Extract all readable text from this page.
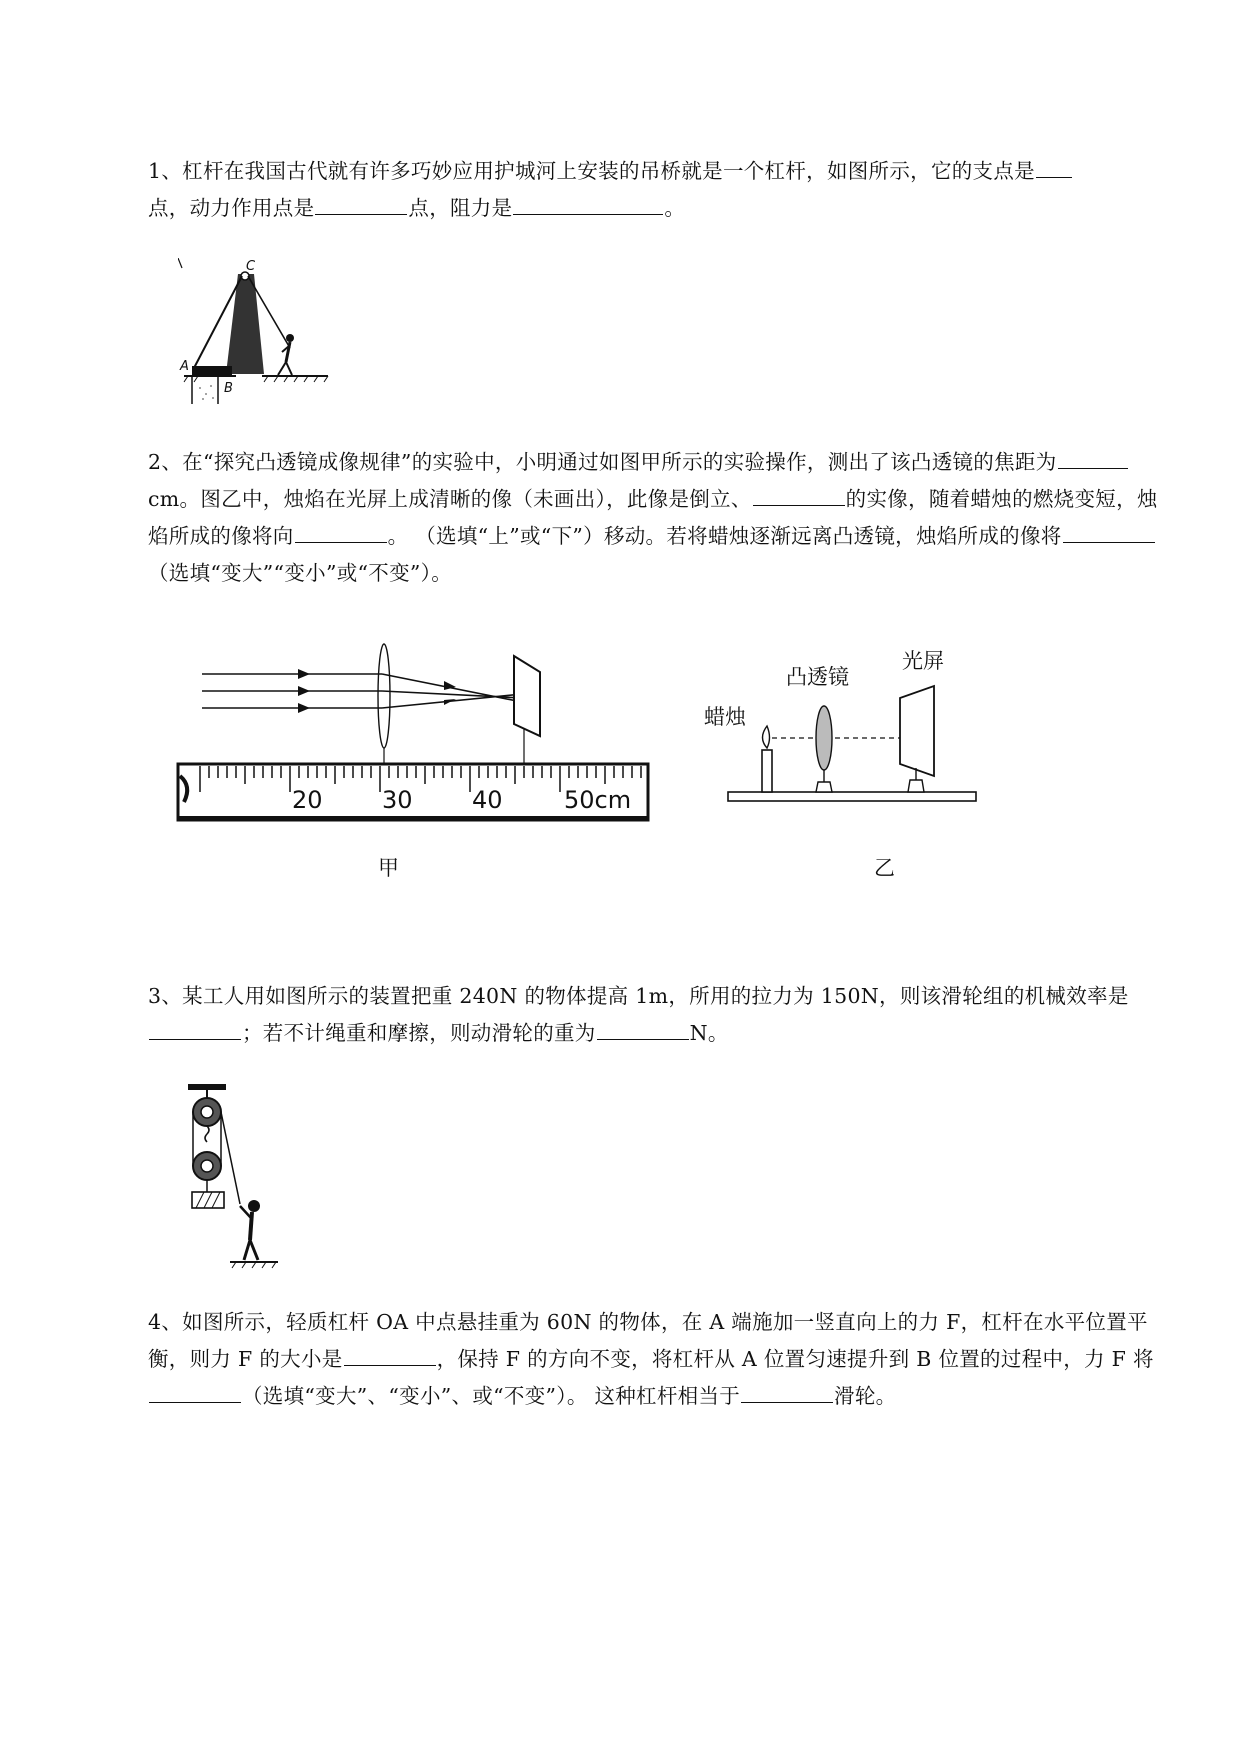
1、杠杆在我国古代就有许多巧妙应用护城河上安装的吊桥就是一个杠杆，如图所示，它的支点是
点，动力作用点是	点，阻力是	。
C
A
B
2、在“探究凸透镜成像规律”的实验中，小明通过如图甲所示的实验操作，测出了该凸透镜的焦距为cm。图乙中，烛焰在光屏上成清晰的像（未画出），此像是倒立、	的实像，随着蜡烛的燃烧变短，烛焰所成的像将向	。 （选填“上”或“下”）移动。若将蜡烛逐渐远离凸透镜，烛焰所成的像将（选填“变大”“变小”或“不变”）。
20 30 40	50cm
甲
蜡烛
凸透镜
光屏
乙
3、某工人用如图所示的装置把重 240N 的物体提高 1m，所用的拉力为 150N，则该滑轮组的机械效率是；若不计绳重和摩擦，则动滑轮的重为	N。
4、如图所示，轻质杠杆 OA 中点悬挂重为 60N 的物体，在 A 端施加一竖直向上的力 F，杠杆在水平位置平衡，则力 F 的大小是	，保持 F 的方向不变，将杠杆从 A 位置匀速提升到 B 位置的过程中，力 F 将（选填“变大”、“变小”、或“不变”）。 这种杠杆相当于	滑轮。
